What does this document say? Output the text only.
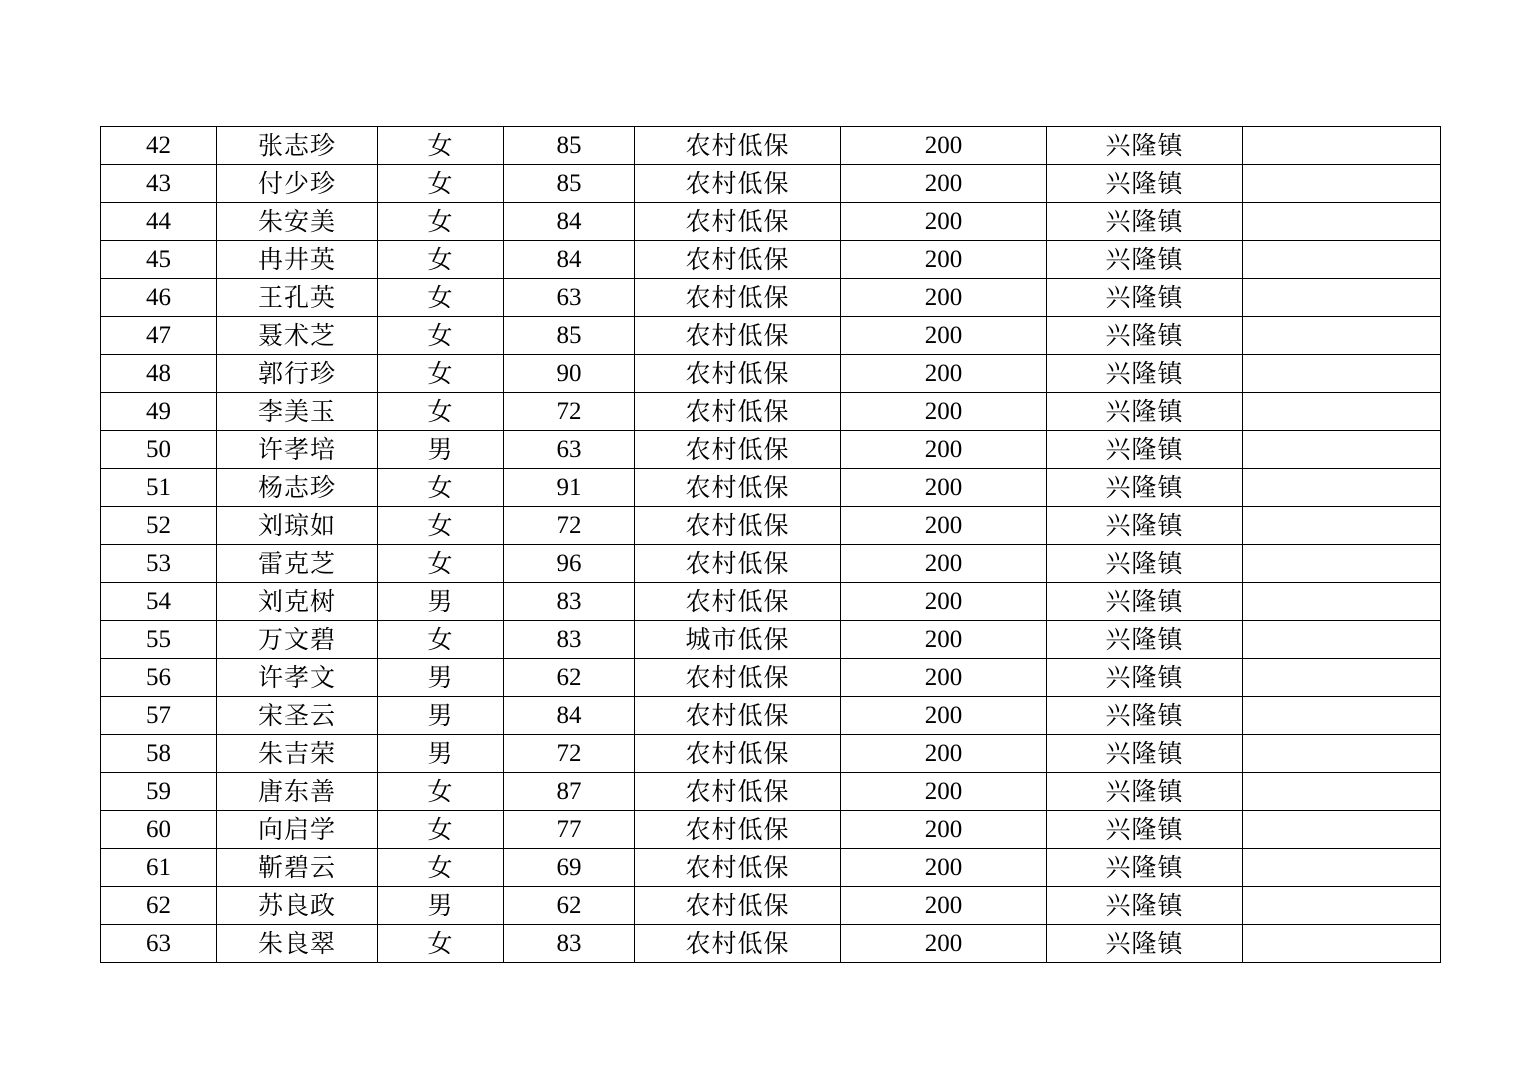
42	张志珍	女	85	农村低保	200	兴隆镇	
43	付少珍	女	85	农村低保	200	兴隆镇	
44	朱安美	女	84	农村低保	200	兴隆镇	
45	冉井英	女	84	农村低保	200	兴隆镇	
46	王孔英	女	63	农村低保	200	兴隆镇	
47	聂术芝	女	85	农村低保	200	兴隆镇	
48	郭行珍	女	90	农村低保	200	兴隆镇	
49	李美玉	女	72	农村低保	200	兴隆镇	
50	许孝培	男	63	农村低保	200	兴隆镇	
51	杨志珍	女	91	农村低保	200	兴隆镇	
52	刘琼如	女	72	农村低保	200	兴隆镇	
53	雷克芝	女	96	农村低保	200	兴隆镇	
54	刘克树	男	83	农村低保	200	兴隆镇	
55	万文碧	女	83	城市低保	200	兴隆镇	
56	许孝文	男	62	农村低保	200	兴隆镇	
57	宋圣云	男	84	农村低保	200	兴隆镇	
58	朱吉荣	男	72	农村低保	200	兴隆镇	
59	唐东善	女	87	农村低保	200	兴隆镇	
60	向启学	女	77	农村低保	200	兴隆镇	
61	靳碧云	女	69	农村低保	200	兴隆镇	
62	苏良政	男	62	农村低保	200	兴隆镇	
63	朱良翠	女	83	农村低保	200	兴隆镇	
